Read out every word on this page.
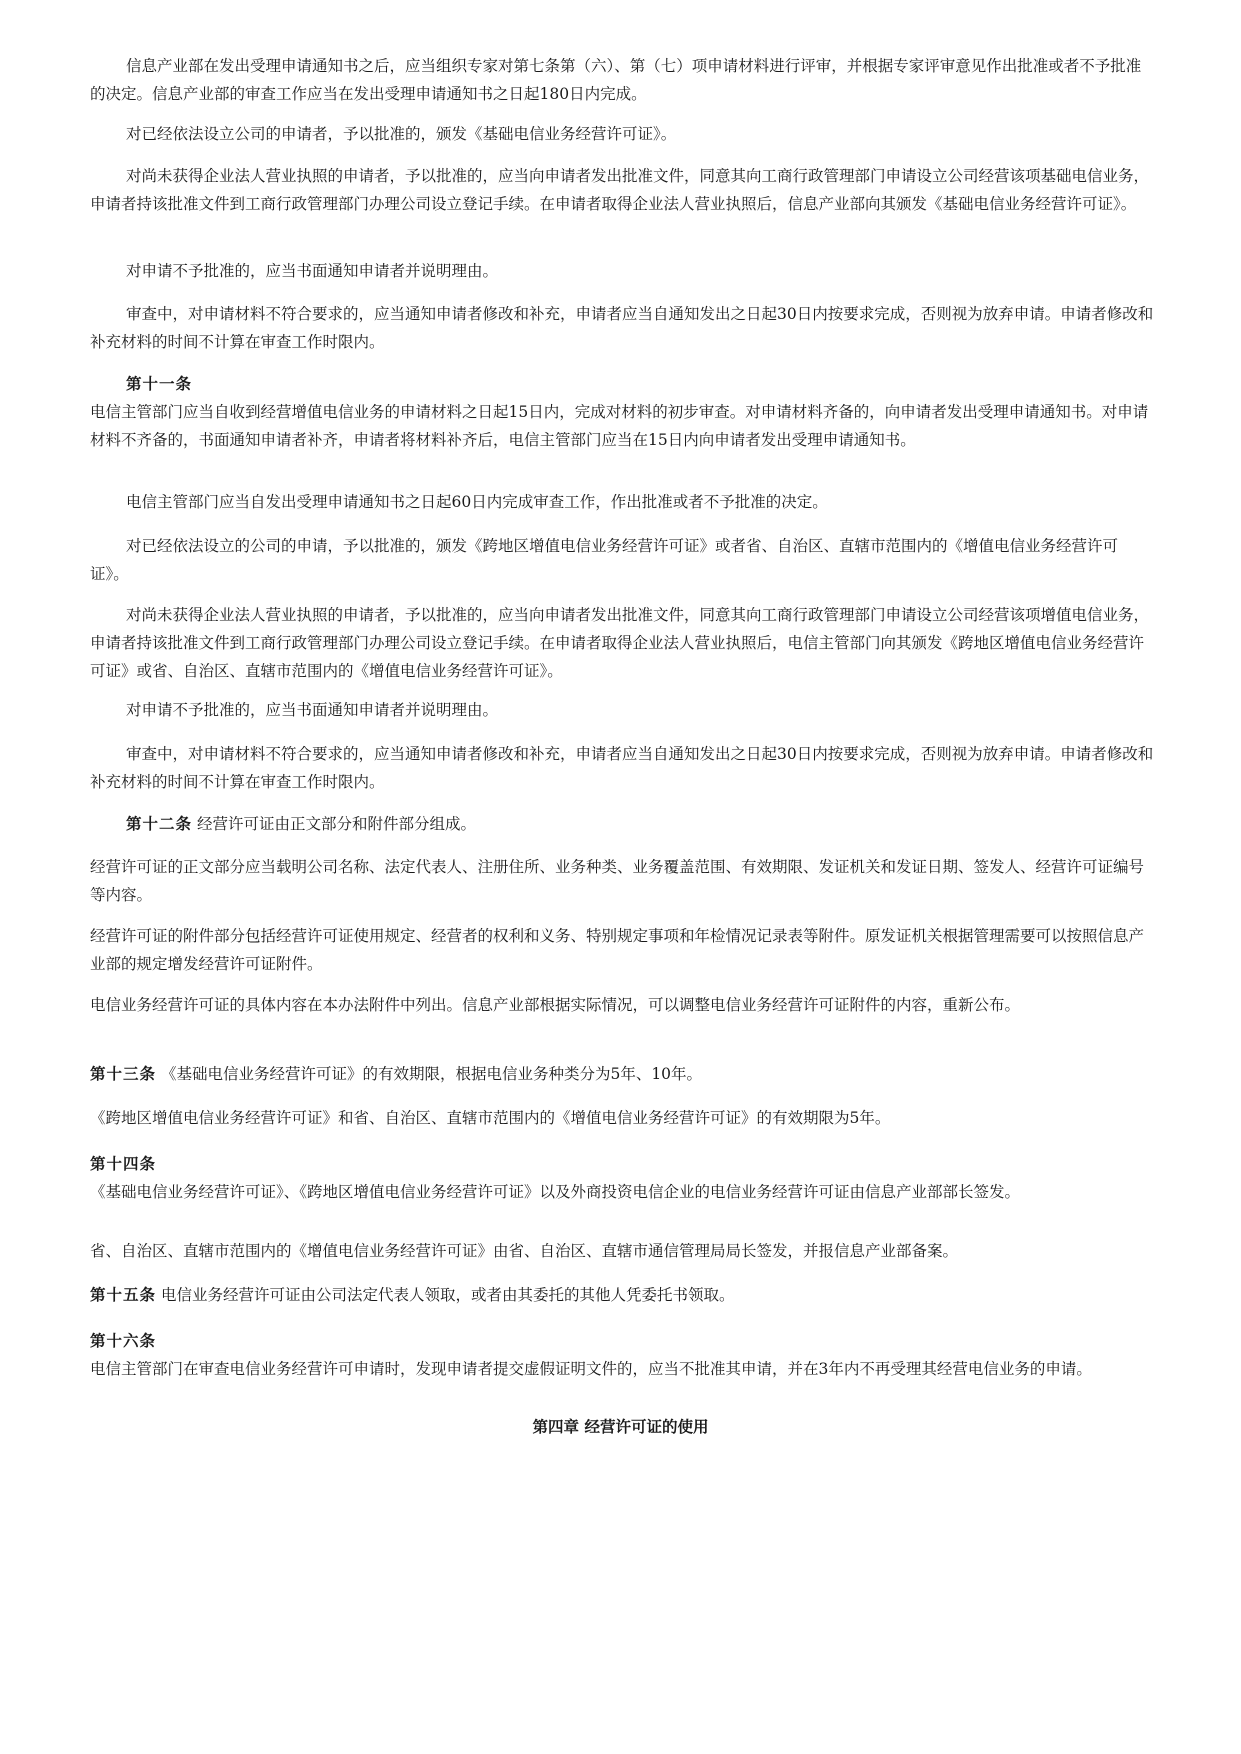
信息产业部在发出受理申请通知书之后，应当组织专家对第七条第（六）、第（七）项申请材料进行评审，并根据专家评审意见作出批准或者不予批准的决定。信息产业部的审查工作应当在发出受理申请通知书之日起180日内完成。

对已经依法设立公司的申请者，予以批准的，颁发《基础电信业务经营许可证》。

对尚未获得企业法人营业执照的申请者，予以批准的，应当向申请者发出批准文件，同意其向工商行政管理部门申请设立公司经营该项基础电信业务，申请者持该批准文件到工商行政管理部门办理公司设立登记手续。在申请者取得企业法人营业执照后，信息产业部向其颁发《基础电信业务经营许可证》。

对申请不予批准的，应当书面通知申请者并说明理由。

审查中，对申请材料不符合要求的，应当通知申请者修改和补充，申请者应当自通知发出之日起30日内按要求完成，否则视为放弃申请。申请者修改和补充材料的时间不计算在审查工作时限内。

第十一条
电信主管部门应当自收到经营增值电信业务的申请材料之日起15日内，完成对材料的初步审查。对申请材料齐备的，向申请者发出受理申请通知书。对申请材料不齐备的，书面通知申请者补齐，申请者将材料补齐后，电信主管部门应当在15日内向申请者发出受理申请通知书。

电信主管部门应当自发出受理申请通知书之日起60日内完成审查工作，作出批准或者不予批准的决定。

对已经依法设立的公司的申请，予以批准的，颁发《跨地区增值电信业务经营许可证》或者省、自治区、直辖市范围内的《增值电信业务经营许可证》。

对尚未获得企业法人营业执照的申请者，予以批准的，应当向申请者发出批准文件，同意其向工商行政管理部门申请设立公司经营该项增值电信业务，申请者持该批准文件到工商行政管理部门办理公司设立登记手续。在申请者取得企业法人营业执照后，电信主管部门向其颁发《跨地区增值电信业务经营许可证》或省、自治区、直辖市范围内的《增值电信业务经营许可证》。

对申请不予批准的，应当书面通知申请者并说明理由。

审查中，对申请材料不符合要求的，应当通知申请者修改和补充，申请者应当自通知发出之日起30日内按要求完成，否则视为放弃申请。申请者修改和补充材料的时间不计算在审查工作时限内。

第十二条 经营许可证由正文部分和附件部分组成。

经营许可证的正文部分应当载明公司名称、法定代表人、注册住所、业务种类、业务覆盖范围、有效期限、发证机关和发证日期、签发人、经营许可证编号等内容。

经营许可证的附件部分包括经营许可证使用规定、经营者的权利和义务、特别规定事项和年检情况记录表等附件。原发证机关根据管理需要可以按照信息产业部的规定增发经营许可证附件。

电信业务经营许可证的具体内容在本办法附件中列出。信息产业部根据实际情况，可以调整电信业务经营许可证附件的内容，重新公布。

第十三条 《基础电信业务经营许可证》的有效期限，根据电信业务种类分为5年、10年。

《跨地区增值电信业务经营许可证》和省、自治区、直辖市范围内的《增值电信业务经营许可证》的有效期限为5年。

第十四条
《基础电信业务经营许可证》、《跨地区增值电信业务经营许可证》以及外商投资电信企业的电信业务经营许可证由信息产业部部长签发。

省、自治区、直辖市范围内的《增值电信业务经营许可证》由省、自治区、直辖市通信管理局局长签发，并报信息产业部备案。

第十五条 电信业务经营许可证由公司法定代表人领取，或者由其委托的其他人凭委托书领取。

第十六条
电信主管部门在审查电信业务经营许可申请时，发现申请者提交虚假证明文件的，应当不批准其申请，并在3年内不再受理其经营电信业务的申请。

第四章 经营许可证的使用
